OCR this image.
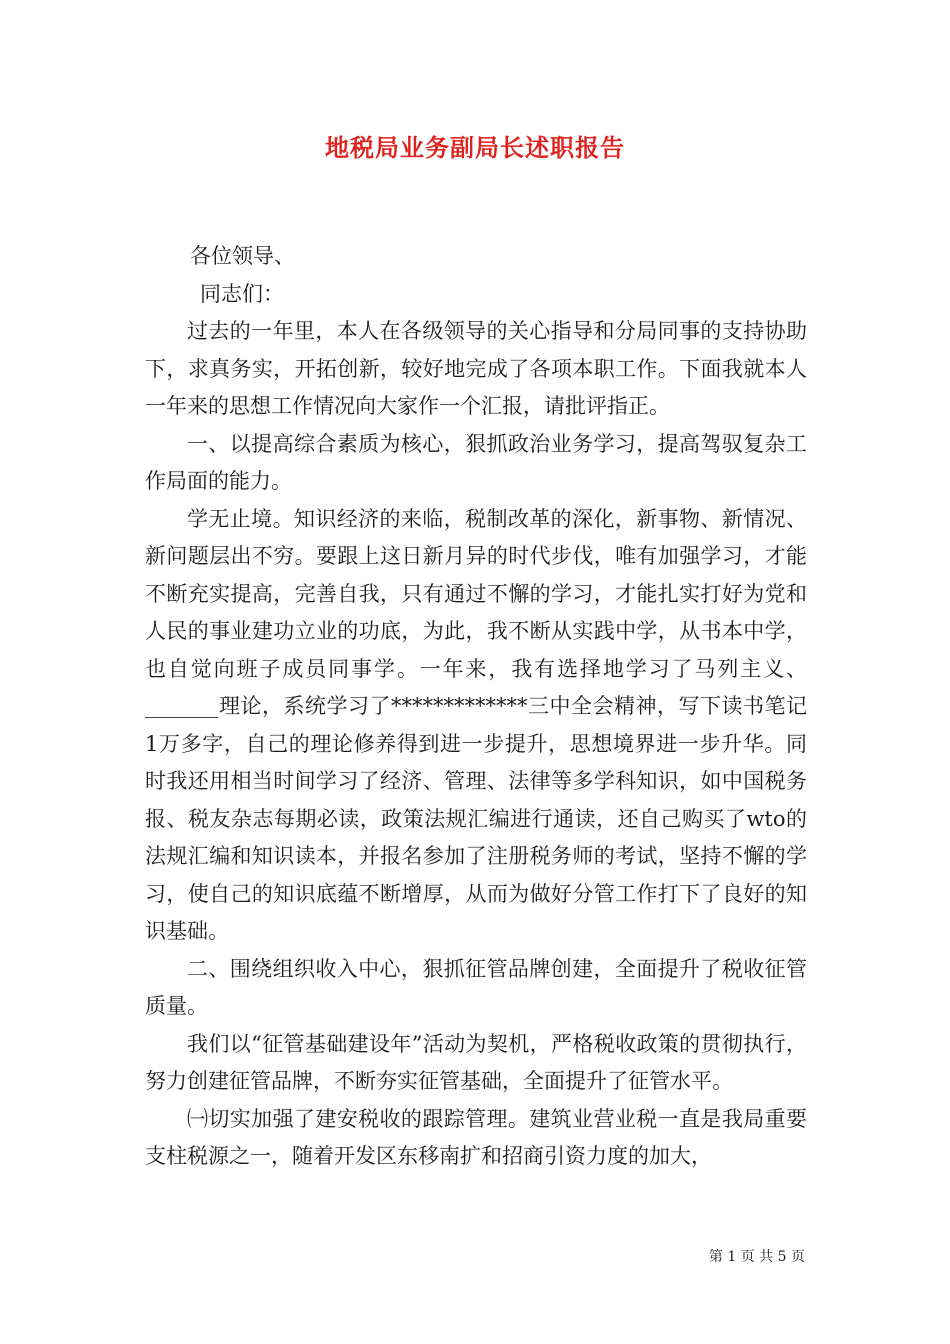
地税局业务副局长述职报告

各位领导、

同志们：

过去的一年里，本人在各级领导的关心指导和分局同事的支持协助下，求真务实，开拓创新，较好地完成了各项本职工作。下面我就本人一年来的思想工作情况向大家作一个汇报，请批评指正。

一、以提高综合素质为核心，狠抓政治业务学习，提高驾驭复杂工作局面的能力。

学无止境。知识经济的来临，税制改革的深化，新事物、新情况、新问题层出不穷。要跟上这日新月异的时代步伐，唯有加强学习，才能不断充实提高，完善自我，只有通过不懈的学习，才能扎实打好为党和人民的事业建功立业的功底，为此，我不断从实践中学，从书本中学，也自觉向班子成员同事学。一年来，我有选择地学习了马列主义、_______理论，系统学习了*************三中全会精神，写下读书笔记1万多字，自己的理论修养得到进一步提升，思想境界进一步升华。同时我还用相当时间学习了经济、管理、法律等多学科知识，如中国税务报、税友杂志每期必读，政策法规汇编进行通读，还自己购买了wto的法规汇编和知识读本，并报名参加了注册税务师的考试，坚持不懈的学习，使自己的知识底蕴不断增厚，从而为做好分管工作打下了良好的知识基础。

二、围绕组织收入中心，狠抓征管品牌创建，全面提升了税收征管质量。

我们以“征管基础建设年”活动为契机，严格税收政策的贯彻执行，努力创建征管品牌，不断夯实征管基础，全面提升了征管水平。

㈠切实加强了建安税收的跟踪管理。建筑业营业税一直是我局重要支柱税源之一，随着开发区东移南扩和招商引资力度的加大，

第 1 页 共 5 页
